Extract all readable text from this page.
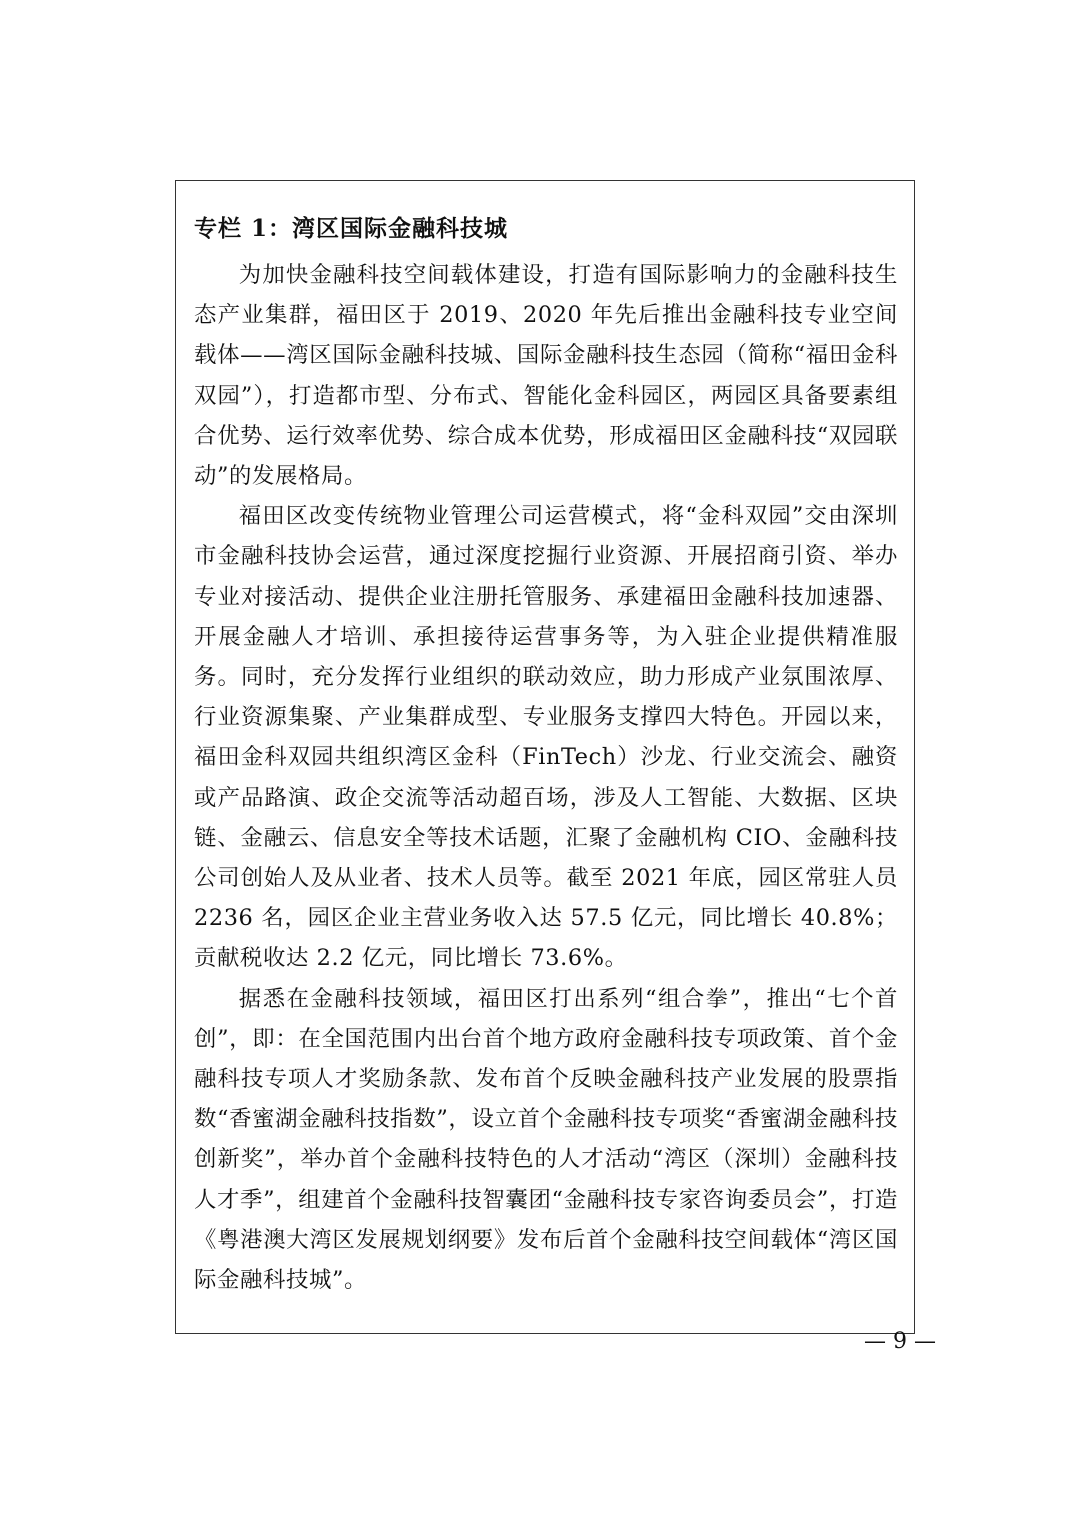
专栏 1：湾区国际金融科技城

为加快金融科技空间载体建设，打造有国际影响力的金融科技生态产业集群，福田区于 2019、2020 年先后推出金融科技专业空间载体——湾区国际金融科技城、国际金融科技生态园（简称“福田金科双园”），打造都市型、分布式、智能化金科园区，两园区具备要素组合优势、运行效率优势、综合成本优势，形成福田区金融科技“双园联动”的发展格局。

福田区改变传统物业管理公司运营模式，将“金科双园”交由深圳市金融科技协会运营，通过深度挖掘行业资源、开展招商引资、举办专业对接活动、提供企业注册托管服务、承建福田金融科技加速器、开展金融人才培训、承担接待运营事务等，为入驻企业提供精准服务。同时，充分发挥行业组织的联动效应，助力形成产业氛围浓厚、行业资源集聚、产业集群成型、专业服务支撑四大特色。开园以来，福田金科双园共组织湾区金科（FinTech）沙龙、行业交流会、融资或产品路演、政企交流等活动超百场，涉及人工智能、大数据、区块链、金融云、信息安全等技术话题，汇聚了金融机构 CIO、金融科技公司创始人及从业者、技术人员等。截至 2021 年底，园区常驻人员 2236 名，园区企业主营业务收入达 57.5 亿元，同比增长 40.8%；贡献税收达 2.2 亿元，同比增长 73.6%。

据悉在金融科技领域，福田区打出系列“组合拳”，推出“七个首创”，即：在全国范围内出台首个地方政府金融科技专项政策、首个金融科技专项人才奖励条款、发布首个反映金融科技产业发展的股票指数“香蜜湖金融科技指数”，设立首个金融科技专项奖“香蜜湖金融科技创新奖”，举办首个金融科技特色的人才活动“湾区（深圳）金融科技人才季”，组建首个金融科技智囊团“金融科技专家咨询委员会”，打造《粤港澳大湾区发展规划纲要》发布后首个金融科技空间载体“湾区国际金融科技城”。

— 9 —
